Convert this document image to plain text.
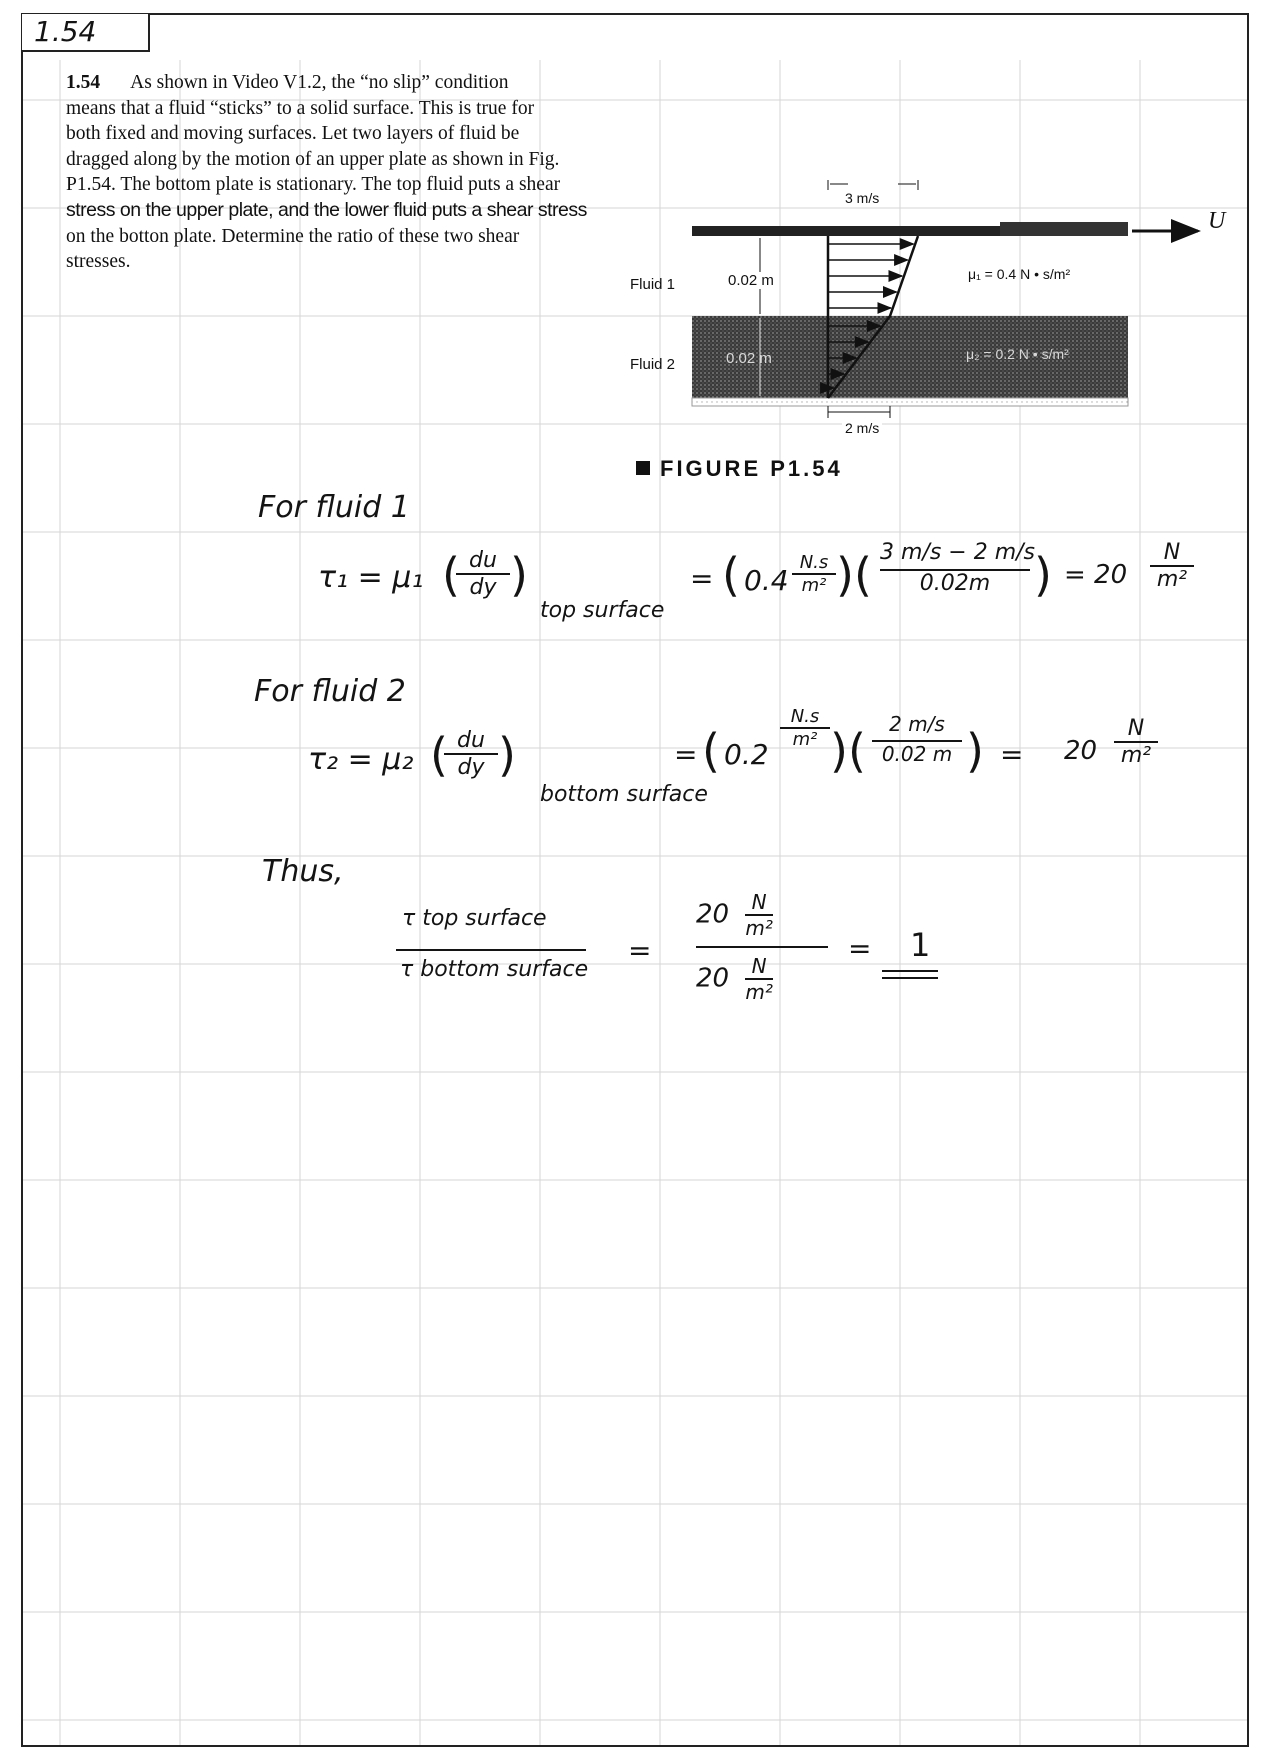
1.54
1.54 As shown in Video V1.2, the “no slip” condition
means that a fluid “sticks” to a solid surface. This is true for
both fixed and moving surfaces. Let two layers of fluid be
dragged along by the motion of an upper plate as shown in Fig.
P1.54. The bottom plate is stationary. The top fluid puts a shear
stress on the upper plate, and the lower fluid puts a shear stress
on the botton plate. Determine the ratio of these two shear
stresses.
3 m/s
U
Fluid 1
Fluid 2
0.02 m
0.02 m
μ₁ = 0.4 N • s/m²
μ₂ = 0.2 N • s/m²
2 m/s
FIGURE P1.54
For fluid 1
τ₁ = μ₁ (
$\frac{du}{dy}$ )
top surface
= ( $0.4 \frac{N.s}{\text{m²}}$ )( $\frac{3 m/s - 2 m/s}{0.02m}$ ) = $20 \frac{N}{\text{m²}}$
For fluid 2
τ₂ = μ₂ (
$\frac{du}{dy}$ )
bottom surface
= ( 0.2
$\frac{N.s}{\text{m²}}$ )( $\frac{2 m/s}{0.02 m}$ ) = $20 \frac{N}{\text{m²}}$
Thus,
τ top surface
τ bottom surface
=
$20 \frac{N}{\text{m²}}$
$20 \frac{N}{\text{m²}}$
= 1
